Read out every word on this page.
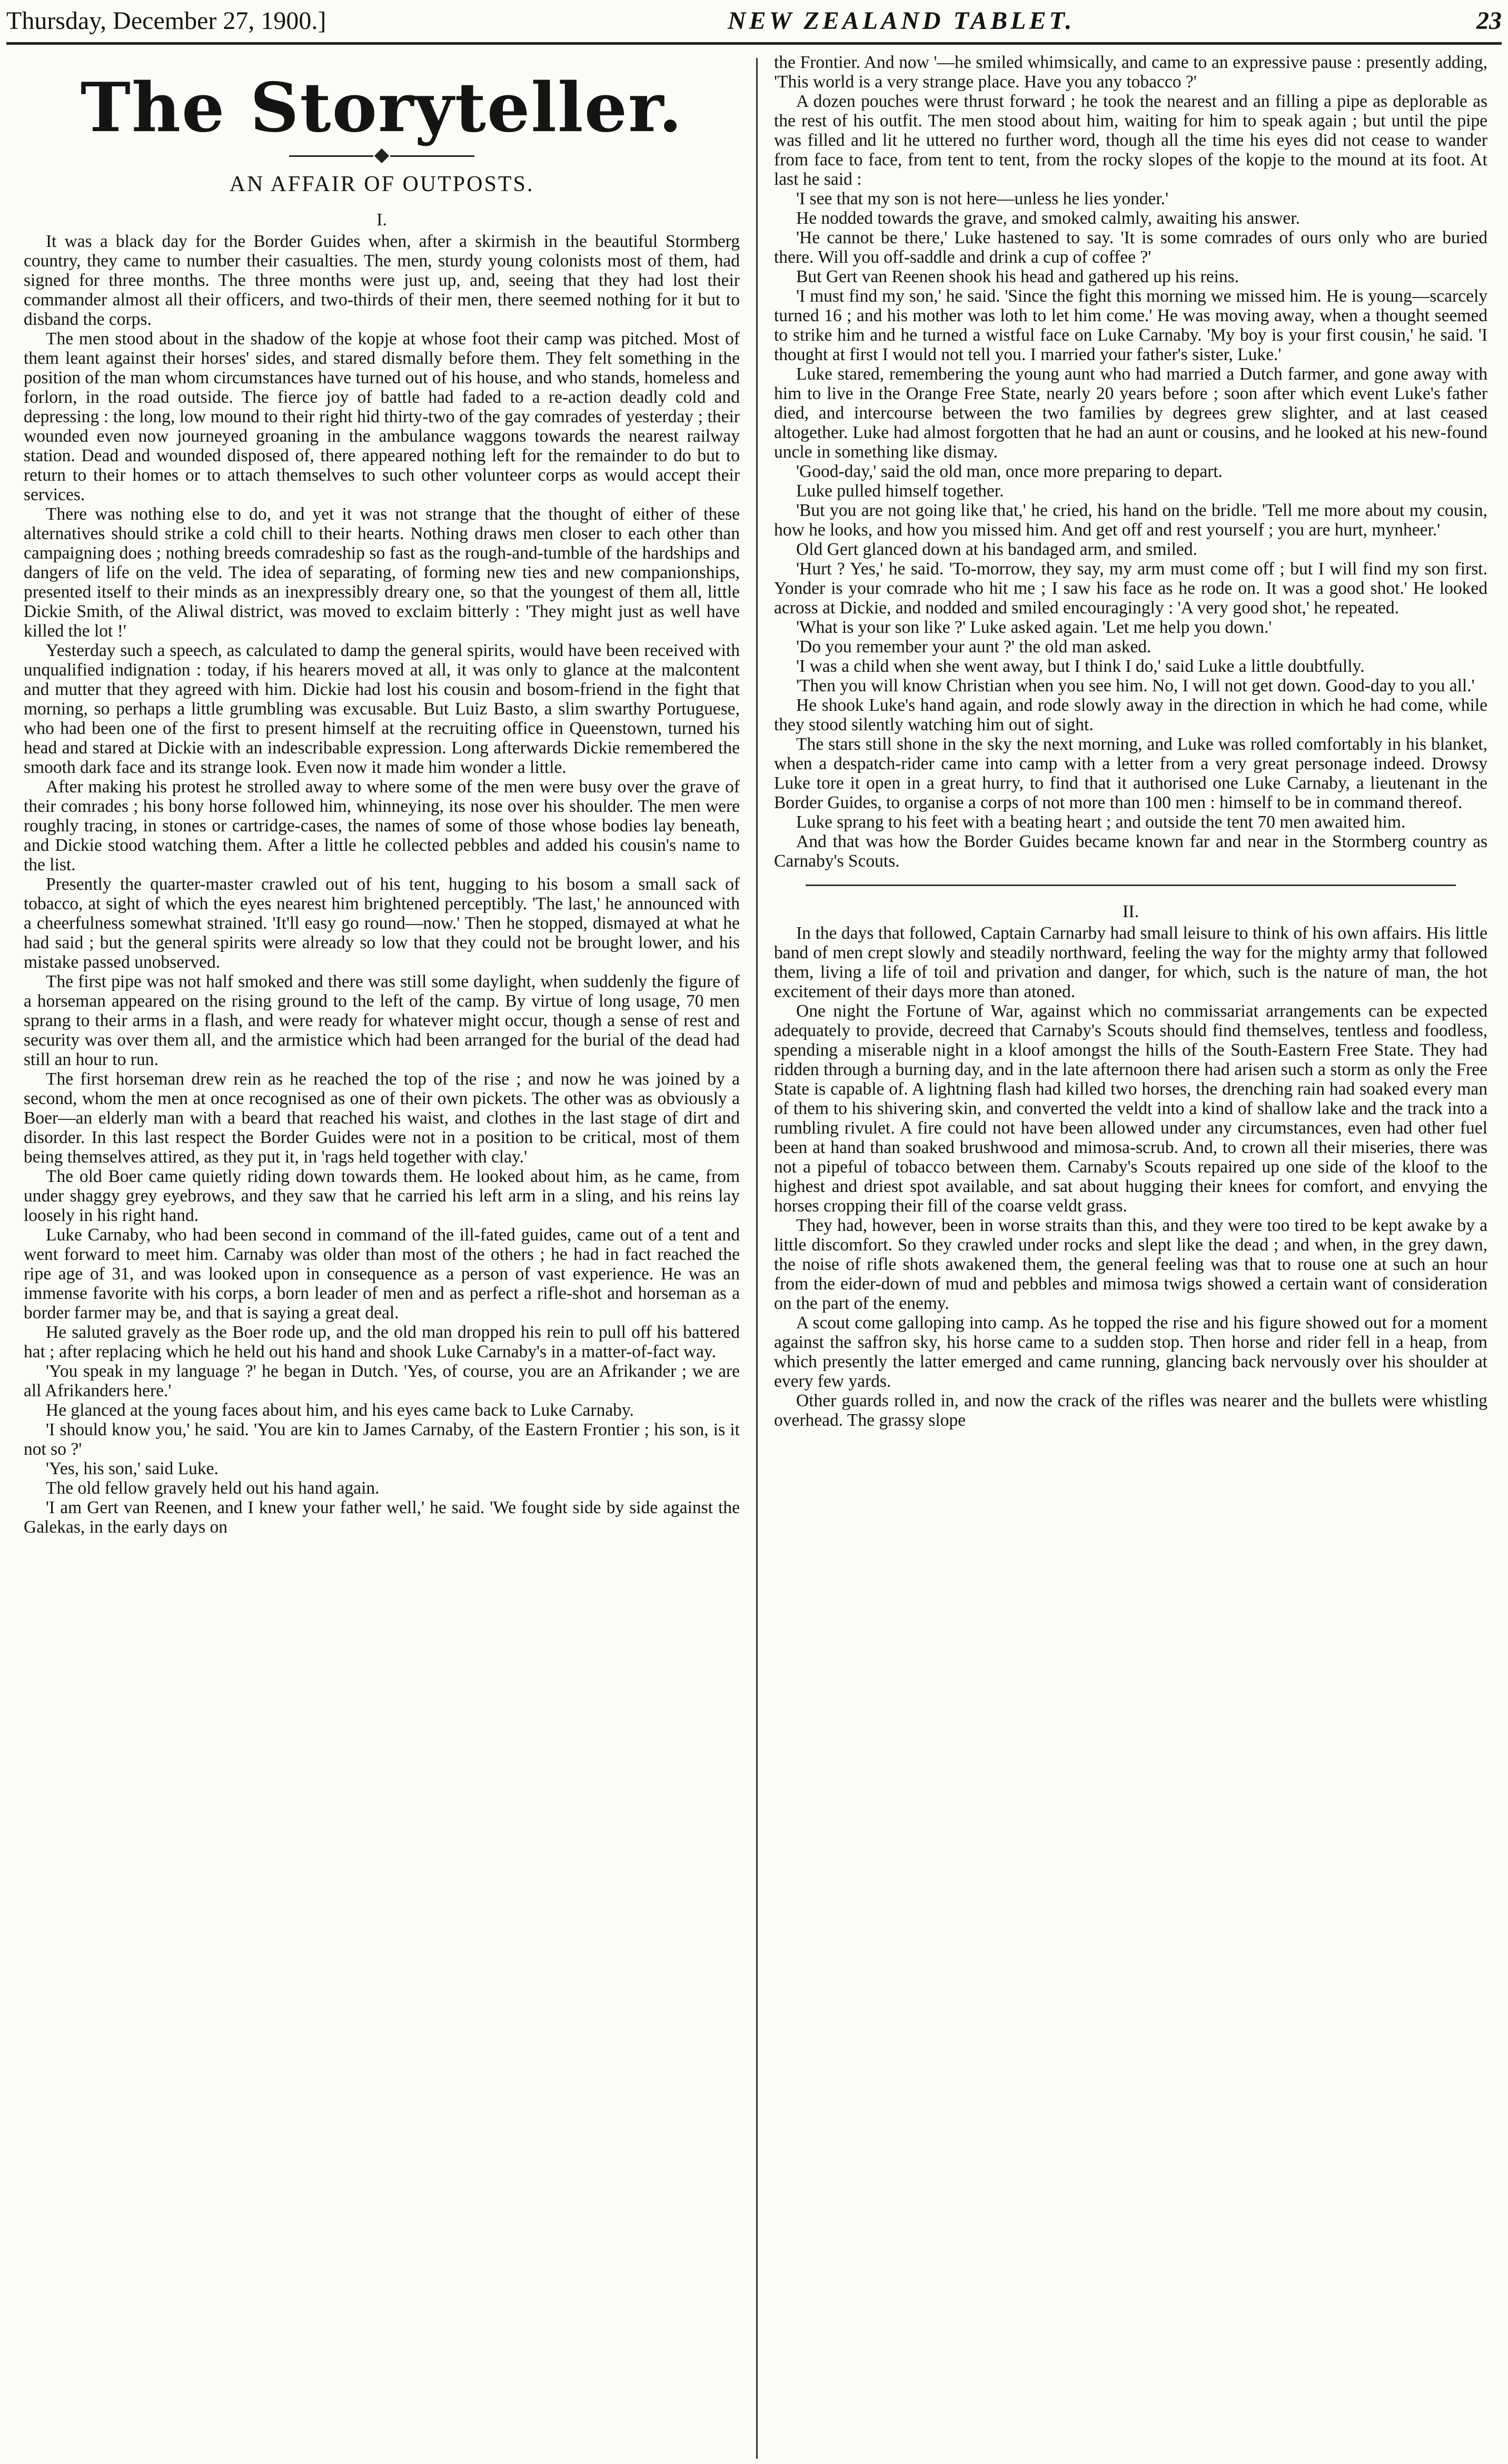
Thursday, December 27, 1900.]	NEW ZEALAND TABLET.	23
The Storyteller.
AN AFFAIR OF OUTPOSTS.
I.

It was a black day for the Border Guides when, after a skirmish in the beautiful Stormberg country, they came to number their casualties. The men, sturdy young colonists most of them, had signed for three months. The three months were just up, and, seeing that they had lost their commander almost all their officers, and two-thirds of their men, there seemed nothing for it but to disband the corps.

The men stood about in the shadow of the kopje at whose foot their camp was pitched. Most of them leant against their horses' sides, and stared dismally before them. They felt something in the position of the man whom circumstances have turned out of his house, and who stands, homeless and forlorn, in the road outside. The fierce joy of battle had faded to a re-action deadly cold and depressing : the long, low mound to their right hid thirty-two of the gay comrades of yesterday ; their wounded even now journeyed groaning in the ambulance waggons towards the nearest railway station. Dead and wounded disposed of, there appeared nothing left for the remainder to do but to return to their homes or to attach themselves to such other volunteer corps as would accept their services.

There was nothing else to do, and yet it was not strange that the thought of either of these alternatives should strike a cold chill to their hearts. Nothing draws men closer to each other than campaigning does ; nothing breeds comradeship so fast as the rough-and-tumble of the hardships and dangers of life on the veld. The idea of separating, of forming new ties and new companionships, presented itself to their minds as an inexpressibly dreary one, so that the youngest of them all, little Dickie Smith, of the Aliwal district, was moved to exclaim bitterly : 'They might just as well have killed the lot !'

Yesterday such a speech, as calculated to damp the general spirits, would have been received with unqualified indignation : today, if his hearers moved at all, it was only to glance at the malcontent and mutter that they agreed with him. Dickie had lost his cousin and bosom-friend in the fight that morning, so perhaps a little grumbling was excusable. But Luiz Basto, a slim swarthy Portuguese, who had been one of the first to present himself at the recruiting office in Queenstown, turned his head and stared at Dickie with an indescribable expression. Long afterwards Dickie remembered the smooth dark face and its strange look. Even now it made him wonder a little.

After making his protest he strolled away to where some of the men were busy over the grave of their comrades ; his bony horse followed him, whinneying, its nose over his shoulder. The men were roughly tracing, in stones or cartridge-cases, the names of some of those whose bodies lay beneath, and Dickie stood watching them. After a little he collected pebbles and added his cousin's name to the list.

Presently the quarter-master crawled out of his tent, hugging to his bosom a small sack of tobacco, at sight of which the eyes nearest him brightened perceptibly. 'The last,' he announced with a cheerfulness somewhat strained. 'It'll easy go round—now.' Then he stopped, dismayed at what he had said ; but the general spirits were already so low that they could not be brought lower, and his mistake passed unobserved.

The first pipe was not half smoked and there was still some daylight, when suddenly the figure of a horseman appeared on the rising ground to the left of the camp. By virtue of long usage, 70 men sprang to their arms in a flash, and were ready for whatever might occur, though a sense of rest and security was over them all, and the armistice which had been arranged for the burial of the dead had still an hour to run.

The first horseman drew rein as he reached the top of the rise ; and now he was joined by a second, whom the men at once recognised as one of their own pickets. The other was as obviously a Boer—an elderly man with a beard that reached his waist, and clothes in the last stage of dirt and disorder. In this last respect the Border Guides were not in a position to be critical, most of them being themselves attired, as they put it, in 'rags held together with clay.'

The old Boer came quietly riding down towards them. He looked about him, as he came, from under shaggy grey eyebrows, and they saw that he carried his left arm in a sling, and his reins lay loosely in his right hand.

Luke Carnaby, who had been second in command of the ill-fated guides, came out of a tent and went forward to meet him. Carnaby was older than most of the others ; he had in fact reached the ripe age of 31, and was looked upon in consequence as a person of vast experience. He was an immense favorite with his corps, a born leader of men and as perfect a rifle-shot and horseman as a border farmer may be, and that is saying a great deal.

He saluted gravely as the Boer rode up, and the old man dropped his rein to pull off his battered hat ; after replacing which he held out his hand and shook Luke Carnaby's in a matter-of-fact way.

'You speak in my language ?' he began in Dutch. 'Yes, of course, you are an Afrikander ; we are all Afrikanders here.'

He glanced at the young faces about him, and his eyes came back to Luke Carnaby.

'I should know you,' he said. 'You are kin to James Carnaby, of the Eastern Frontier ; his son, is it not so ?'

'Yes, his son,' said Luke.

The old fellow gravely held out his hand again.

'I am Gert van Reenen, and I knew your father well,' he said. 'We fought side by side against the Galekas, in the early days on

the Frontier. And now '—he smiled whimsically, and came to an expressive pause : presently adding, 'This world is a very strange place. Have you any tobacco ?'

A dozen pouches were thrust forward ; he took the nearest and an filling a pipe as deplorable as the rest of his outfit. The men stood about him, waiting for him to speak again ; but until the pipe was filled and lit he uttered no further word, though all the time his eyes did not cease to wander from face to face, from tent to tent, from the rocky slopes of the kopje to the mound at its foot. At last he said :

'I see that my son is not here—unless he lies yonder.'

He nodded towards the grave, and smoked calmly, awaiting his answer.

'He cannot be there,' Luke hastened to say. 'It is some comrades of ours only who are buried there. Will you off-saddle and drink a cup of coffee ?'

But Gert van Reenen shook his head and gathered up his reins.

'I must find my son,' he said. 'Since the fight this morning we missed him. He is young—scarcely turned 16 ; and his mother was loth to let him come.' He was moving away, when a thought seemed to strike him and he turned a wistful face on Luke Carnaby. 'My boy is your first cousin,' he said. 'I thought at first I would not tell you. I married your father's sister, Luke.'

Luke stared, remembering the young aunt who had married a Dutch farmer, and gone away with him to live in the Orange Free State, nearly 20 years before ; soon after which event Luke's father died, and intercourse between the two families by degrees grew slighter, and at last ceased altogether. Luke had almost forgotten that he had an aunt or cousins, and he looked at his new-found uncle in something like dismay.

'Good-day,' said the old man, once more preparing to depart.

Luke pulled himself together.

'But you are not going like that,' he cried, his hand on the bridle. 'Tell me more about my cousin, how he looks, and how you missed him. And get off and rest yourself ; you are hurt, mynheer.'

Old Gert glanced down at his bandaged arm, and smiled.

'Hurt ? Yes,' he said. 'To-morrow, they say, my arm must come off ; but I will find my son first. Yonder is your comrade who hit me ; I saw his face as he rode on. It was a good shot.' He looked across at Dickie, and nodded and smiled encouragingly : 'A very good shot,' he repeated.

'What is your son like ?' Luke asked again. 'Let me help you down.'

'Do you remember your aunt ?' the old man asked.

'I was a child when she went away, but I think I do,' said Luke a little doubtfully.

'Then you will know Christian when you see him. No, I will not get down. Good-day to you all.'

He shook Luke's hand again, and rode slowly away in the direction in which he had come, while they stood silently watching him out of sight.

The stars still shone in the sky the next morning, and Luke was rolled comfortably in his blanket, when a despatch-rider came into camp with a letter from a very great personage indeed. Drowsy Luke tore it open in a great hurry, to find that it authorised one Luke Carnaby, a lieutenant in the Border Guides, to organise a corps of not more than 100 men : himself to be in command thereof.

Luke sprang to his feet with a beating heart ; and outside the tent 70 men awaited him.

And that was how the Border Guides became known far and near in the Stormberg country as Carnaby's Scouts.

II.

In the days that followed, Captain Carnarby had small leisure to think of his own affairs. His little band of men crept slowly and steadily northward, feeling the way for the mighty army that followed them, living a life of toil and privation and danger, for which, such is the nature of man, the hot excitement of their days more than atoned.

One night the Fortune of War, against which no commissariat arrangements can be expected adequately to provide, decreed that Carnaby's Scouts should find themselves, tentless and foodless, spending a miserable night in a kloof amongst the hills of the South-Eastern Free State. They had ridden through a burning day, and in the late afternoon there had arisen such a storm as only the Free State is capable of. A lightning flash had killed two horses, the drenching rain had soaked every man of them to his shivering skin, and converted the veldt into a kind of shallow lake and the track into a rumbling rivulet. A fire could not have been allowed under any circumstances, even had other fuel been at hand than soaked brushwood and mimosa-scrub. And, to crown all their miseries, there was not a pipeful of tobacco between them. Carnaby's Scouts repaired up one side of the kloof to the highest and driest spot available, and sat about hugging their knees for comfort, and envying the horses cropping their fill of the coarse veldt grass.

They had, however, been in worse straits than this, and they were too tired to be kept awake by a little discomfort. So they crawled under rocks and slept like the dead ; and when, in the grey dawn, the noise of rifle shots awakened them, the general feeling was that to rouse one at such an hour from the eider-down of mud and pebbles and mimosa twigs showed a certain want of consideration on the part of the enemy.

A scout come galloping into camp. As he topped the rise and his figure showed out for a moment against the saffron sky, his horse came to a sudden stop. Then horse and rider fell in a heap, from which presently the latter emerged and came running, glancing back nervously over his shoulder at every few yards.

Other guards rolled in, and now the crack of the rifles was nearer and the bullets were whistling overhead. The grassy slope
